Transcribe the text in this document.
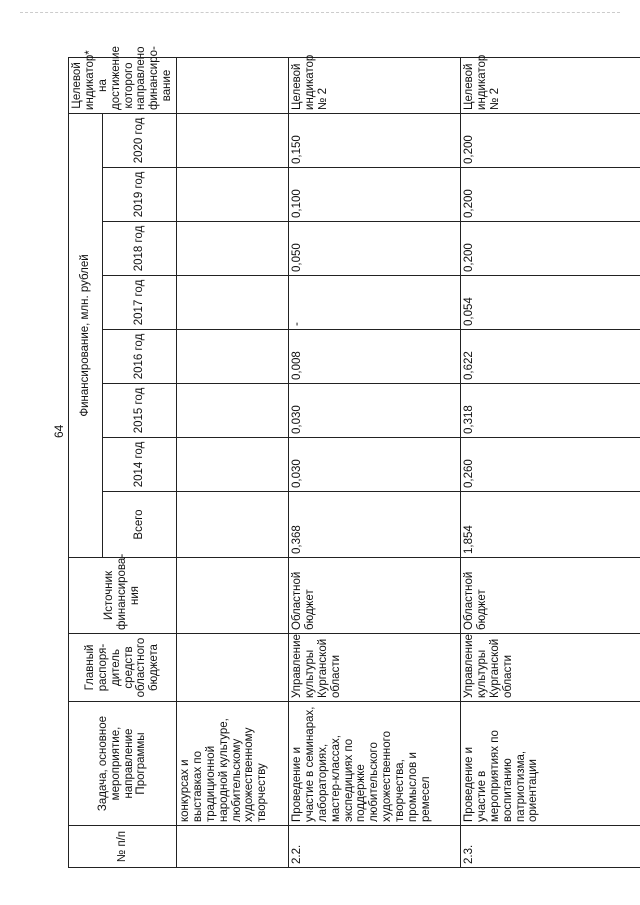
64
№ п/п	Задача, основное мероприятие, направление Программы	Главный распоря-дитель средств областного бюджета	Источник финансирова-ния	Финансирование, млн. рублей								Целевой индикатор* на достижение которого направлено финансиро-вание
				Всего	2014 год	2015 год	2016 год	2017 год	2018 год	2019 год	2020 год	
	конкурсах и выставках по традиционной народной культуре, любительскому художественному творчеству											
2.2.	Проведение и участие в семинарах, лабораториях, мастер-классах, экспедициях по поддержке любительского художественного творчества, промыслов и ремесел	Управление культуры Курганской области	Областной бюджет	0,368	0,030	0,030	0,008	-	0,050	0,100	0,150	Целевой индикатор № 2
2.3.	Проведение и участие в мероприятиях по воспитанию патриотизма, ориентации	Управление культуры Курганской области	Областной бюджет	1,854	0,260	0,318	0,622	0,054	0,200	0,200	0,200	Целевой индикатор № 2
